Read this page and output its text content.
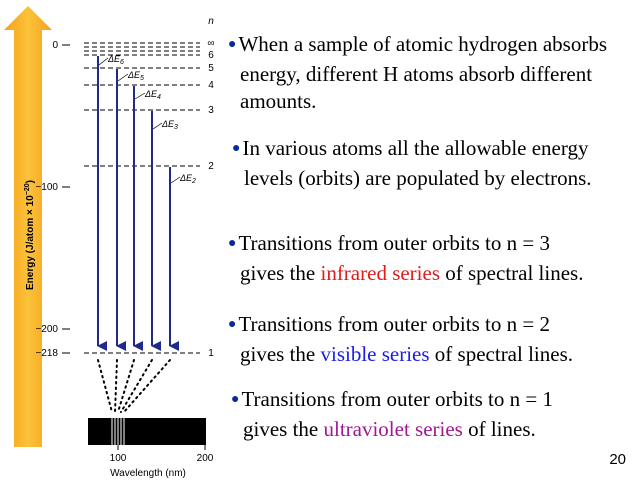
Energy (J/atom × $10^{-20}$)
0
−100
−200
−218
n
∞
6
5
4
3
2
1
$\Delta E_6$
$\Delta E_5$
$\Delta E_4$
$\Delta E_3$
$\Delta E_2$
100	200
Wavelength (nm)
●When a sample of atomic hydrogen absorbs
energy, different H atoms absorb different
amounts.
●In various atoms all the allowable energy
levels (orbits) are populated by electrons.
●Transitions from outer orbits to n = 3
gives the infrared series of spectral lines.
●Transitions from outer orbits to n = 2
gives the visible series of spectral lines.
●Transitions from outer orbits to n = 1
gives the ultraviolet series of lines.
20
